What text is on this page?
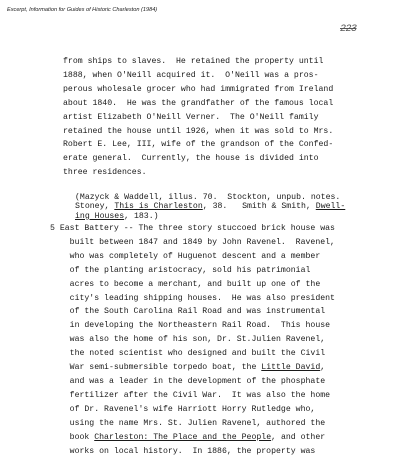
Excerpt, Information for Guides of Historic Charleston (1984)
223
from ships to slaves.  He retained the property until
1888, when O'Neill acquired it.  O'Neill was a pros-
perous wholesale grocer who had immigrated from Ireland
about 1840.  He was the grandfather of the famous local
artist Elizabeth O'Neill Verner.  The O'Neill family
retained the house until 1926, when it was sold to Mrs.
Robert E. Lee, III, wife of the grandson of the Confed-
erate general.  Currently, the house is divided into
three residences.
(Mazyck & Waddell, illus. 70.  Stockton, unpub. notes.
Stoney, This is Charleston, 38.   Smith & Smith, Dwell-
ing Houses, 183.)
5 East Battery -- The three story stuccoed brick house was
built between 1847 and 1849 by John Ravenel.  Ravenel,
who was completely of Huguenot descent and a member
of the planting aristocracy, sold his patrimonial
acres to become a merchant, and built up one of the
city's leading shipping houses.  He was also president
of the South Carolina Rail Road and was instrumental
in developing the Northeastern Rail Road.  This house
was also the home of his son, Dr. St.Julien Ravenel,
the noted scientist who designed and built the Civil
War semi-submersible torpedo boat, the Little David,
and was a leader in the development of the phosphate
fertilizer after the Civil War.  It was also the home
of Dr. Ravenel's wife Harriott Horry Rutledge who,
using the name Mrs. St. Julien Ravenel, authored the
book Charleston: The Place and the People, and other
works on local history.  In 1886, the property was
